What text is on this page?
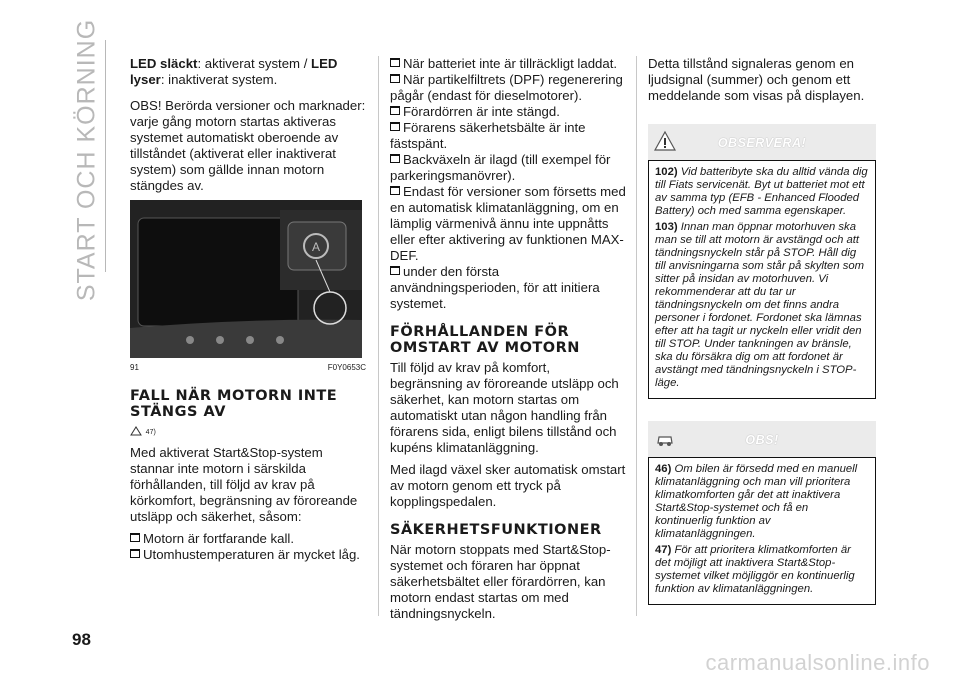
START OCH KÖRNING LED släckt: aktiverat system / LED lyser: inaktiverat system.

OBS! Berörda versioner och marknader: varje gång motorn startas aktiveras systemet automatiskt oberoende av tillståndet (aktiverat eller inaktiverat system) som gällde innan motorn stängdes av.

A
91	F0Y0653C
FALL NÄR MOTORN INTE STÄNGS AV
47)

Med aktiverat Start&Stop-system stannar inte motorn i särskilda förhållanden, till följd av krav på körkomfort, begränsning av föroreande utsläpp och säkerhet, såsom:

Motorn är fortfarande kall.
Utomhustemperaturen är mycket låg.
När batteriet inte är tillräckligt laddat.
När partikelfiltrets (DPF) regenerering pågår (endast för dieselmotorer).
Förardörren är inte stängd.
Förarens säkerhetsbälte är inte fästspänt.
Backväxeln är ilagd (till exempel för parkeringsmanövrer).
Endast för versioner som försetts med en automatisk klimatanläggning, om en lämplig värmenivå ännu inte uppnåtts eller efter aktivering av funktionen MAX-DEF.
under den första användningsperioden, för att initiera systemet.
FÖRHÅLLANDEN FÖR OMSTART AV MOTORN

Till följd av krav på komfort, begränsning av föroreande utsläpp och säkerhet, kan motorn startas om automatiskt utan någon handling från förarens sida, enligt bilens tillstånd och kupéns klimatanläggning.

Med ilagd växel sker automatisk omstart av motorn genom ett tryck på kopplingspedalen.

SÄKERHETSFUNKTIONER

När motorn stoppats med Start&Stop-systemet och föraren har öppnat säkerhetsbältet eller förardörren, kan motorn endast startas om med tändningsnyckeln.

Detta tillstånd signaleras genom en ljudsignal (summer) och genom ett meddelande som visas på displayen.

OBSERVERA!

102) Vid batteribyte ska du alltid vända dig till Fiats servicenät. Byt ut batteriet mot ett av samma typ (EFB - Enhanced Flooded Battery) och med samma egenskaper.

103) Innan man öppnar motorhuven ska man se till att motorn är avstängd och att tändningsnyckeln står på STOP. Håll dig till anvisningarna som står på skylten som sitter på insidan av motorhuven. Vi rekommenderar att du tar ur tändningsnyckeln om det finns andra personer i fordonet. Fordonet ska lämnas efter att ha tagit ur nyckeln eller vridit den till STOP. Under tankningen av bränsle, ska du försäkra dig om att fordonet är avstängt med tändningsnyckeln i STOP-läge.

OBS!

46) Om bilen är försedd med en manuell klimatanläggning och man vill prioritera klimatkomforten går det att inaktivera Start&Stop-systemet och få en kontinuerlig funktion av klimatanläggningen.

47) För att prioritera klimatkomforten är det möjligt att inaktivera Start&Stop-systemet vilket möjliggör en kontinuerlig funktion av klimatanläggningen.

98
carmanualsonline.info
